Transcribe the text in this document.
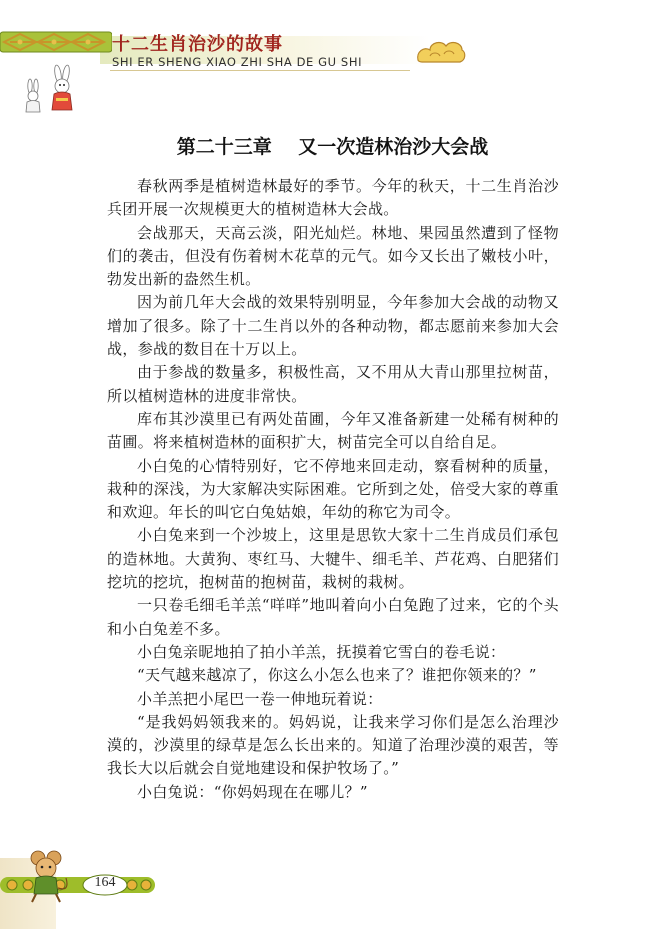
十二生肖治沙的故事
SHI ER SHENG XIAO ZHI SHA DE GU SHI
第二十三章    又一次造林治沙大会战

春秋两季是植树造林最好的季节。今年的秋天，十二生肖治沙兵团开展一次规模更大的植树造林大会战。

会战那天，天高云淡，阳光灿烂。林地、果园虽然遭到了怪物们的袭击，但没有伤着树木花草的元气。如今又长出了嫩枝小叶，勃发出新的盎然生机。

因为前几年大会战的效果特别明显，今年参加大会战的动物又增加了很多。除了十二生肖以外的各种动物，都志愿前来参加大会战，参战的数目在十万以上。

由于参战的数量多，积极性高，又不用从大青山那里拉树苗，所以植树造林的进度非常快。

库布其沙漠里已有两处苗圃，今年又准备新建一处稀有树种的苗圃。将来植树造林的面积扩大，树苗完全可以自给自足。

小白兔的心情特别好，它不停地来回走动，察看树种的质量，栽种的深浅，为大家解决实际困难。它所到之处，倍受大家的尊重和欢迎。年长的叫它白兔姑娘，年幼的称它为司令。

小白兔来到一个沙坡上，这里是思钦大家十二生肖成员们承包的造林地。大黄狗、枣红马、大犍牛、细毛羊、芦花鸡、白肥猪们挖坑的挖坑，抱树苗的抱树苗，栽树的栽树。

一只卷毛细毛羊羔“咩咩”地叫着向小白兔跑了过来，它的个头和小白兔差不多。

小白兔亲昵地拍了拍小羊羔，抚摸着它雪白的卷毛说：

“天气越来越凉了，你这么小怎么也来了？谁把你领来的？”

小羊羔把小尾巴一卷一伸地玩着说：

“是我妈妈领我来的。妈妈说，让我来学习你们是怎么治理沙漠的，沙漠里的绿草是怎么长出来的。知道了治理沙漠的艰苦，等我长大以后就会自觉地建设和保护牧场了。”

小白兔说：“你妈妈现在在哪儿？”

164
